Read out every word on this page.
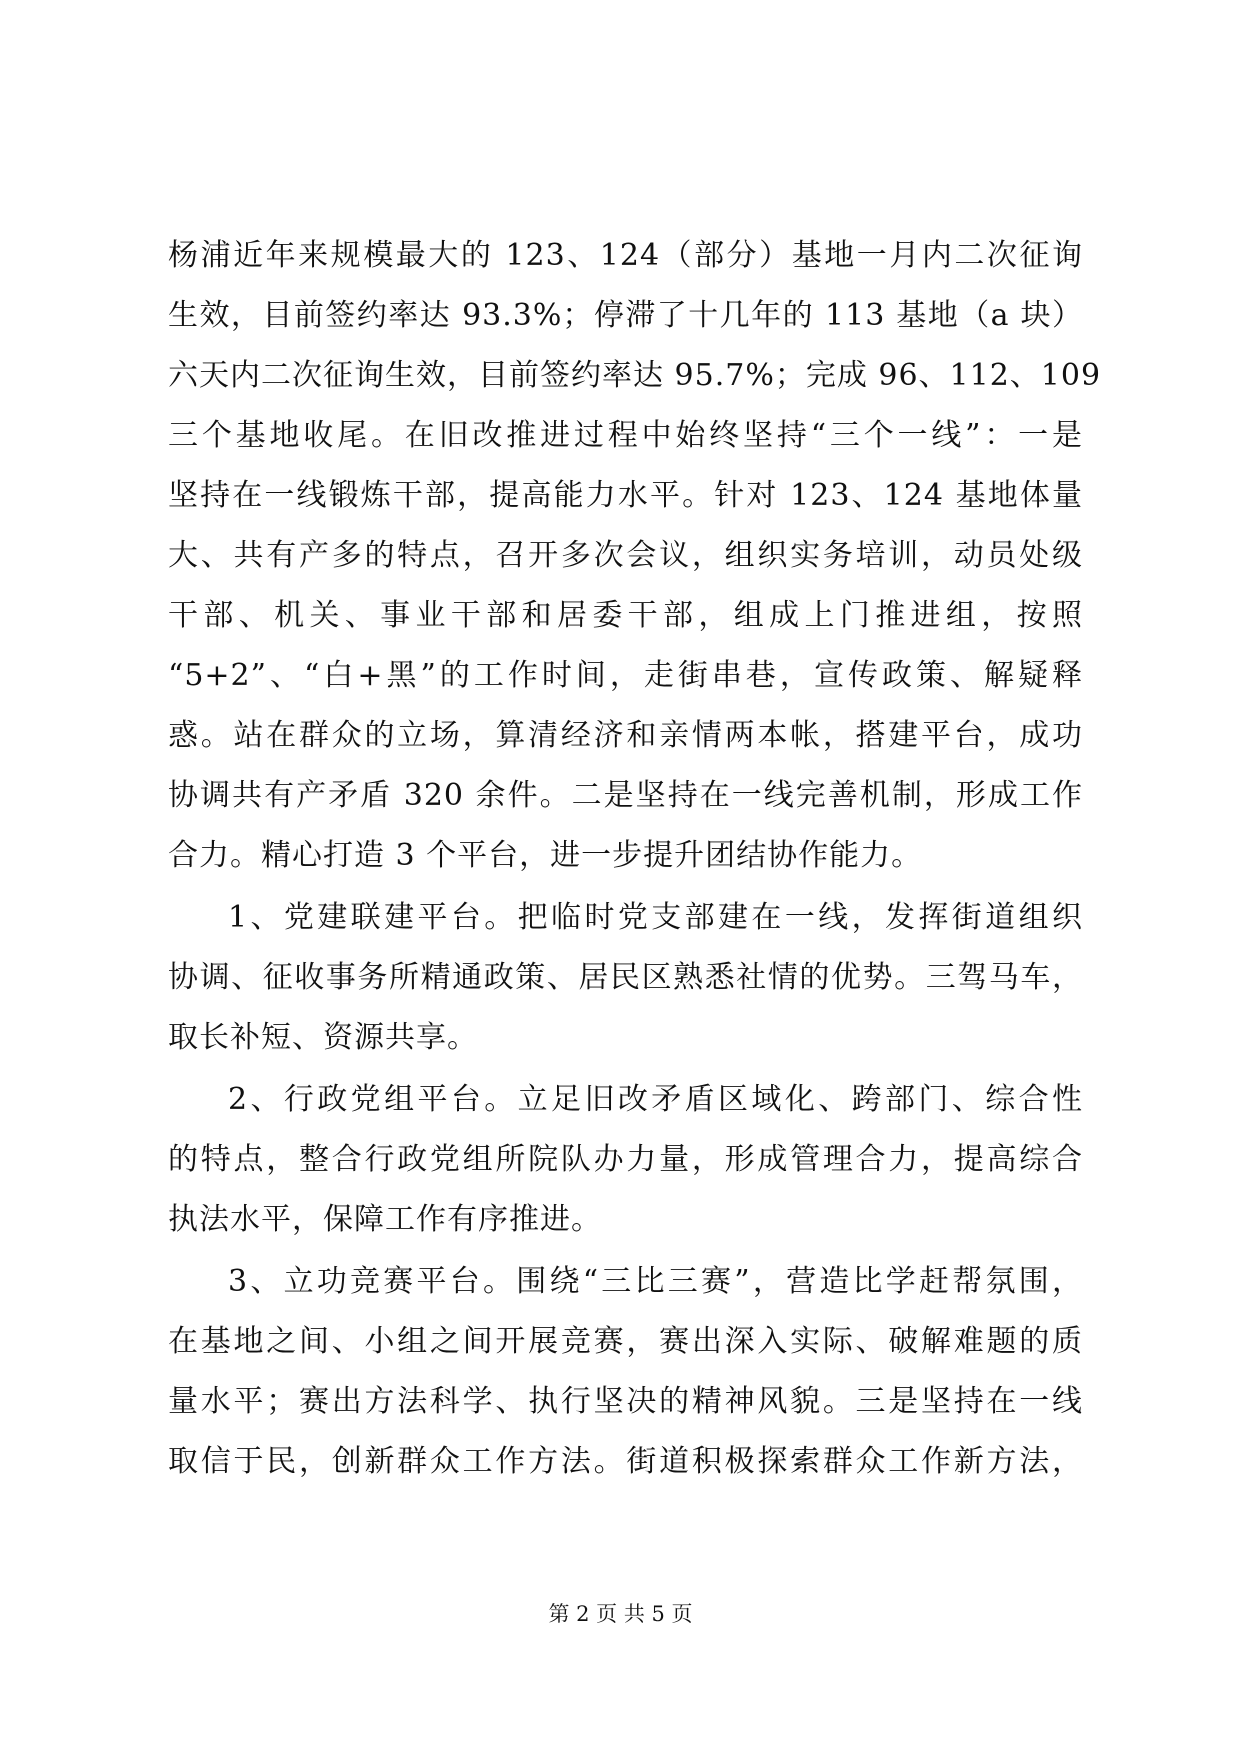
杨浦近年来规模最大的 123、124（部分）基地一月内二次征询
生效，目前签约率达 93.3%；停滞了十几年的 113 基地（a 块）
六天内二次征询生效，目前签约率达 95.7%；完成 96、112、109
三个基地收尾。在旧改推进过程中始终坚持“三个一线”：一是
坚持在一线锻炼干部，提高能力水平。针对 123、124 基地体量
大、共有产多的特点，召开多次会议，组织实务培训，动员处级
干部、机关、事业干部和居委干部，组成上门推进组，按照
“5+2”、“白+黑”的工作时间，走街串巷，宣传政策、解疑释
惑。站在群众的立场，算清经济和亲情两本帐，搭建平台，成功
协调共有产矛盾 320 余件。二是坚持在一线完善机制，形成工作
合力。精心打造 3 个平台，进一步提升团结协作能力。

1、党建联建平台。把临时党支部建在一线，发挥街道组织
协调、征收事务所精通政策、居民区熟悉社情的优势。三驾马车，
取长补短、资源共享。

2、行政党组平台。立足旧改矛盾区域化、跨部门、综合性
的特点，整合行政党组所院队办力量，形成管理合力，提高综合
执法水平，保障工作有序推进。

3、立功竞赛平台。围绕“三比三赛”，营造比学赶帮氛围，
在基地之间、小组之间开展竞赛，赛出深入实际、破解难题的质
量水平；赛出方法科学、执行坚决的精神风貌。三是坚持在一线
取信于民，创新群众工作方法。街道积极探索群众工作新方法，

第 2 页 共 5 页
